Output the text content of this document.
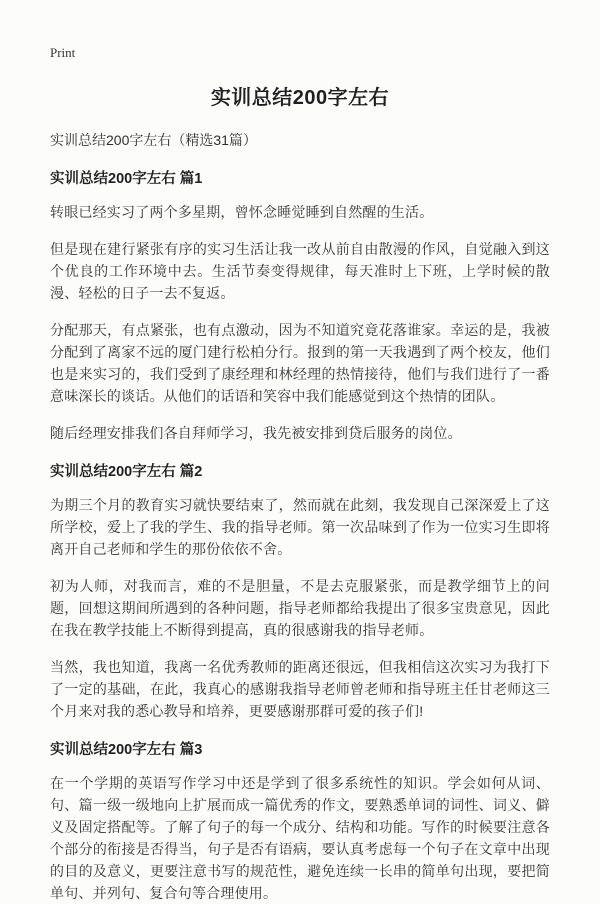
Print
实训总结200字左右

实训总结200字左右（精选31篇）

实训总结200字左右 篇1

转眼已经实习了两个多星期，曾怀念睡觉睡到自然醒的生活。

但是现在建行紧张有序的实习生活让我一改从前自由散漫的作风，自觉融入到这个优良的工作环境中去。生活节奏变得规律，每天准时上下班，上学时候的散漫、轻松的日子一去不复返。

分配那天，有点紧张，也有点激动，因为不知道究竟花落谁家。幸运的是，我被分配到了离家不远的厦门建行松柏分行。报到的第一天我遇到了两个校友，他们也是来实习的，我们受到了康经理和林经理的热情接待，他们与我们进行了一番意味深长的谈话。从他们的话语和笑容中我们能感觉到这个热情的团队。

随后经理安排我们各自拜师学习，我先被安排到贷后服务的岗位。

实训总结200字左右 篇2

为期三个月的教育实习就快要结束了，然而就在此刻，我发现自己深深爱上了这所学校，爱上了我的学生、我的指导老师。第一次品味到了作为一位实习生即将离开自己老师和学生的那份依依不舍。

初为人师，对我而言，难的不是胆量，不是去克服紧张，而是教学细节上的问题，回想这期间所遇到的各种问题，指导老师都给我提出了很多宝贵意见，因此在我在教学技能上不断得到提高，真的很感谢我的指导老师。

当然，我也知道，我离一名优秀教师的距离还很远，但我相信这次实习为我打下了一定的基础，在此，我真心的感谢我指导老师曾老师和指导班主任甘老师这三个月来对我的悉心教导和培养，更要感谢那群可爱的孩子们!

实训总结200字左右 篇3

在一个学期的英语写作学习中还是学到了很多系统性的知识。学会如何从词、句、篇一级一级地向上扩展而成一篇优秀的作文，要熟悉单词的词性、词义、僻义及固定搭配等。了解了句子的每一个成分、结构和功能。写作的时候要注意各个部分的衔接是否得当，句子是否有语病，要认真考虑每一个句子在文章中出现的目的及意义，更要注意书写的规范性，避免连续一长串的简单句出现，要把简单句、并列句、复合句等合理使用。
